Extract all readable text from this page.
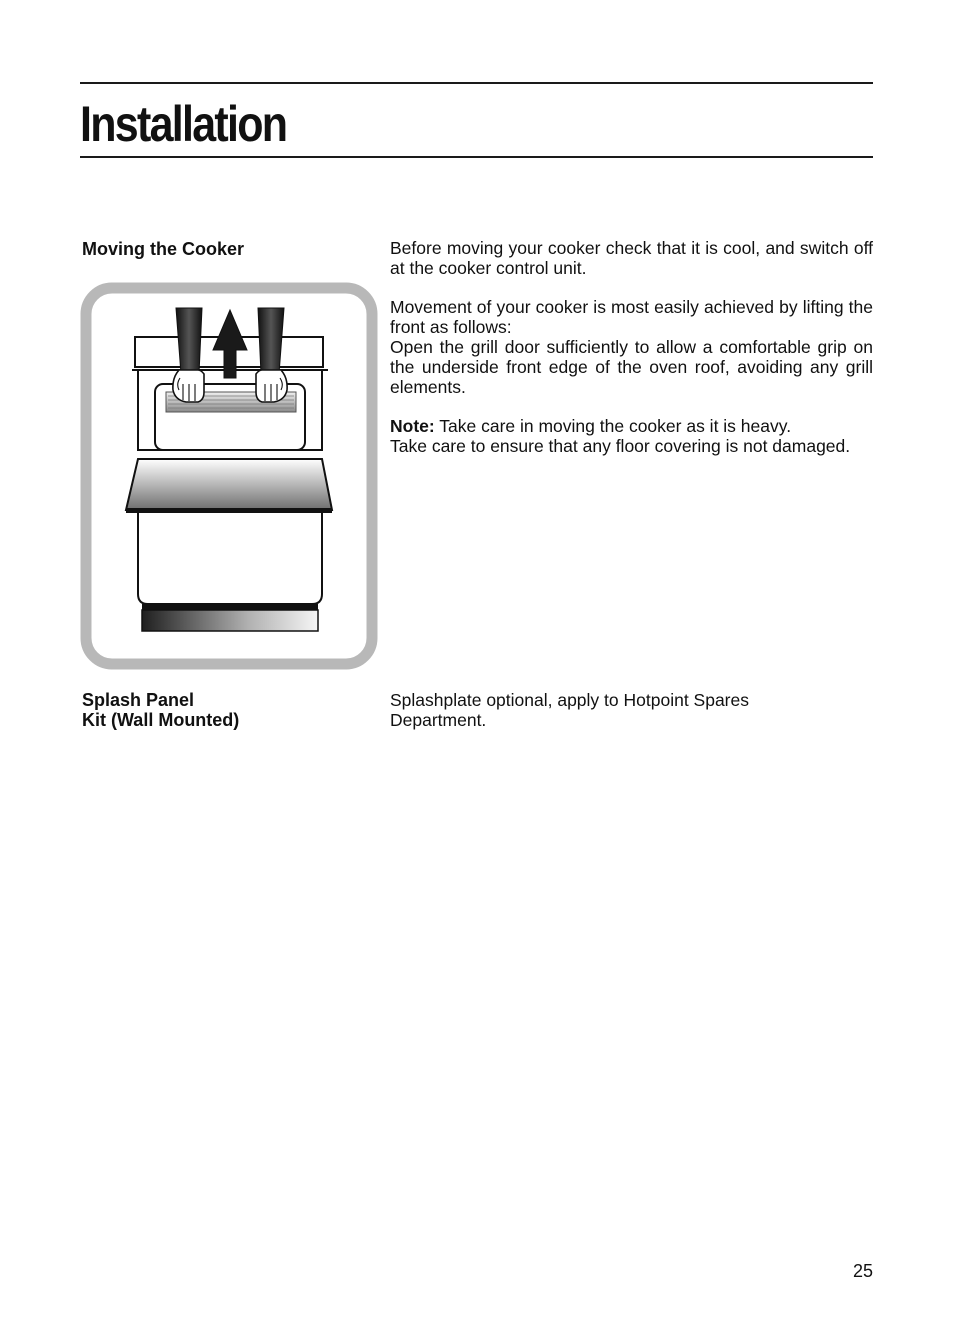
Installation
Moving the Cooker	Before moving your cooker check that it is cool, and switch off at the cooker control unit.

Movement of your cooker is most easily achieved by lifting the front as follows:

Open the grill door sufficiently to allow a comfortable grip on the underside front edge of the oven roof, avoiding any grill elements.

Note: Take care in moving the cooker as it is heavy.

Take care to ensure that any floor covering is not damaged.

Splash Panel
Kit (Wall Mounted)

Splashplate optional, apply to Hotpoint Spares Department.

25
